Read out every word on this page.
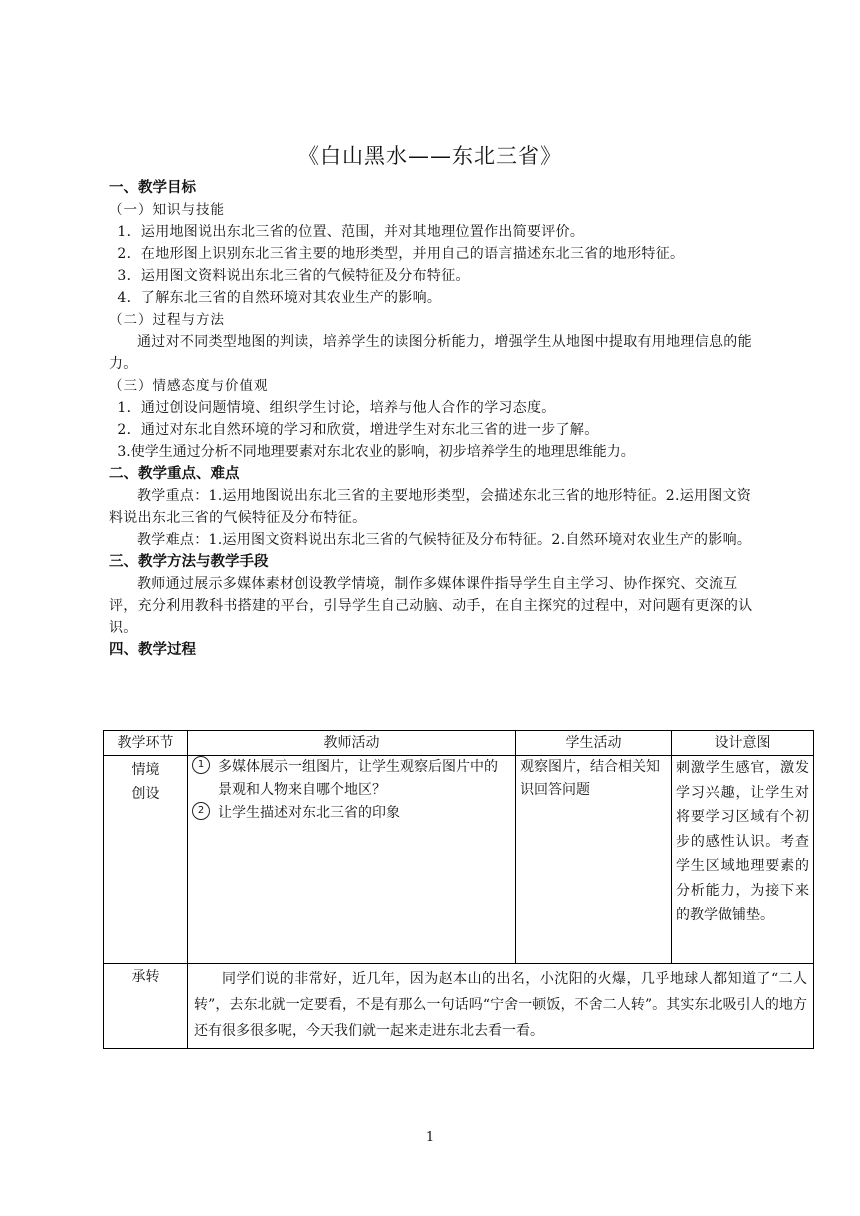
《白山黑水——东北三省》

一、教学目标

（一）知识与技能

1．运用地图说出东北三省的位置、范围，并对其地理位置作出简要评价。

2．在地形图上识别东北三省主要的地形类型，并用自己的语言描述东北三省的地形特征。

3．运用图文资料说出东北三省的气候特征及分布特征。

4．了解东北三省的自然环境对其农业生产的影响。

（二）过程与方法

通过对不同类型地图的判读，培养学生的读图分析能力，增强学生从地图中提取有用地理信息的能力。

（三）情感态度与价值观

1．通过创设问题情境、组织学生讨论，培养与他人合作的学习态度。

2．通过对东北自然环境的学习和欣赏，增进学生对东北三省的进一步了解。

3.使学生通过分析不同地理要素对东北农业的影响，初步培养学生的地理思维能力。

二、教学重点、难点

教学重点：1.运用地图说出东北三省的主要地形类型，会描述东北三省的地形特征。2.运用图文资料说出东北三省的气候特征及分布特征。

教学难点：1.运用图文资料说出东北三省的气候特征及分布特征。2.自然环境对农业生产的影响。

三、教学方法与教学手段

教师通过展示多媒体素材创设教学情境，制作多媒体课件指导学生自主学习、协作探究、交流互评，充分利用教科书搭建的平台，引导学生自己动脑、动手，在自主探究的过程中，对问题有更深的认识。

四、教学过程

教学环节	教师活动	学生活动	设计意图

情境创设	1 多媒体展示一组图片，让学生观察后图片中的景观和人物来自哪个地区？
2 让学生描述对东北三省的印象	观察图片，结合相关知识回答问题	刺激学生感官，激发学习兴趣，让学生对将要学习区域有个初步的感性认识。考查学生区域地理要素的分析能力，为接下来的教学做铺垫。
承转	同学们说的非常好，近几年，因为赵本山的出名，小沈阳的火爆，几乎地球人都知道了“二人转”，去东北就一定要看，不是有那么一句话吗“宁舍一顿饭，不舍二人转”。其实东北吸引人的地方还有很多很多呢，今天我们就一起来走进东北去看一看。		
1
